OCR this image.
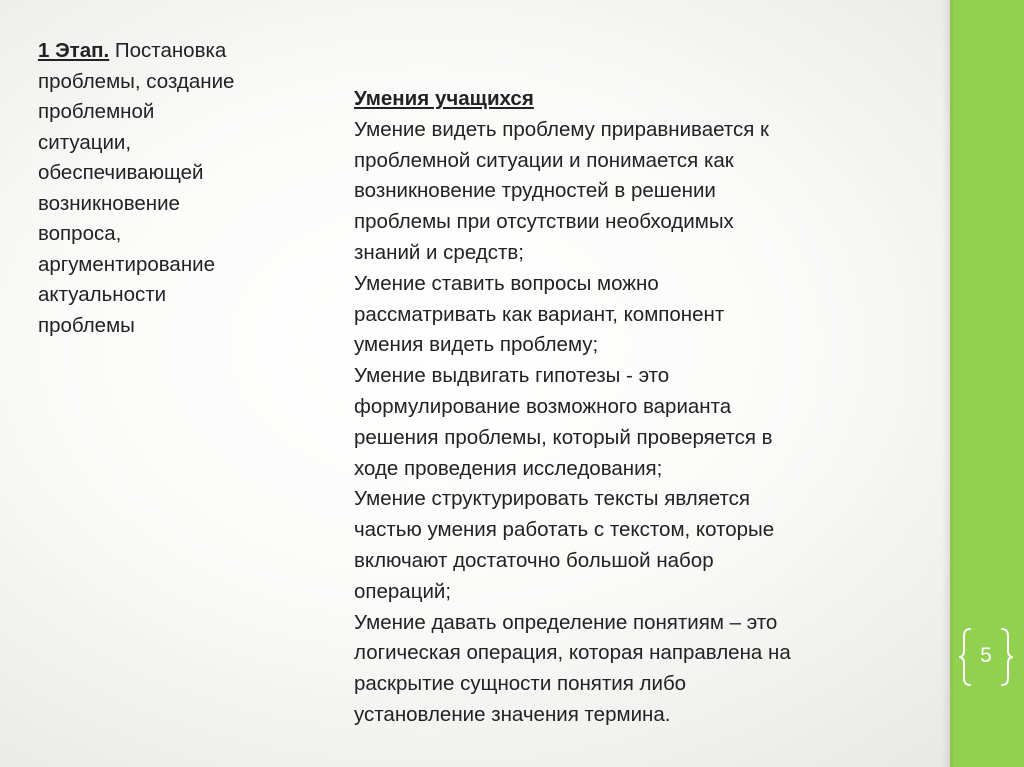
5
1 Этап. Постановка
проблемы, создание
проблемной
ситуации,
обеспечивающей
возникновение
вопроса,
аргументирование
актуальности
проблемы
Умения учащихся
Умение видеть проблему приравнивается к
проблемной ситуации и понимается как
возникновение трудностей в решении
проблемы при отсутствии необходимых
знаний и средств;
Умение ставить вопросы можно
рассматривать как вариант, компонент
умения видеть проблему;
Умение выдвигать гипотезы - это
формулирование возможного варианта
решения проблемы, который проверяется в
ходе проведения исследования;
Умение структурировать тексты является
частью умения работать с текстом, которые
включают достаточно большой набор
операций;
Умение давать определение понятиям – это
логическая операция, которая направлена на
раскрытие сущности понятия либо
установление значения термина.
